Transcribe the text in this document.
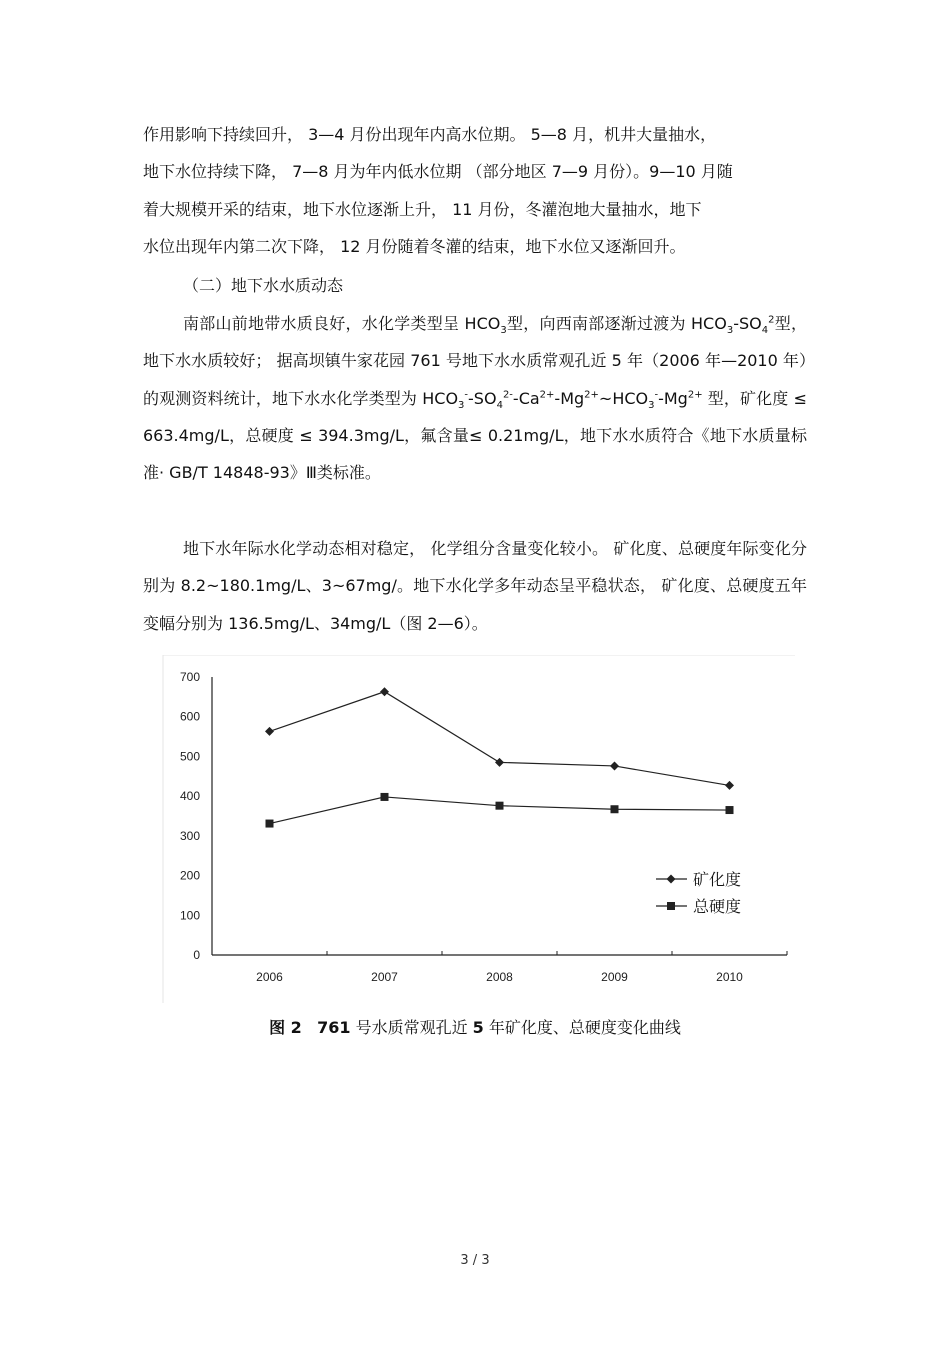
作用影响下持续回升， 3—4 月份出现年内高水位期。 5—8 月，机井大量抽水，
地下水位持续下降， 7—8 月为年内低水位期 （部分地区 7—9 月份）。9—10 月随
着大规模开采的结束，地下水位逐渐上升， 11 月份，冬灌泡地大量抽水，地下
水位出现年内第二次下降， 12 月份随着冬灌的结束，地下水位又逐渐回升。

（二）地下水水质动态

南部山前地带水质良好，水化学类型呈 $HCO_3$型，向西南部逐渐过渡为 $HCO_3-SO_4^2$型，地下水水质较好； 据高坝镇牛家花园 761 号地下水水质常观孔近 5 年（2006 年—2010 年）的观测资料统计，地下水水化学类型为 $HCO_3^--SO_4^{2-}-Ca^{2+}-Mg^{2+}\sim HCO_3^--Mg^{2+}$ 型，矿化度 ≤ 663.4mg/L，总硬度 ≤ 394.3mg/L，氟含量≤ 0.21mg/L，地下水水质符合《地下水质量标准· GB/T 14848-93》Ⅲ类标准。

地下水年际水化学动态相对稳定， 化学组分含量变化较小。 矿化度、总硬度年际变化分别为 8.2~180.1mg/L、3~67mg/。地下水化学多年动态呈平稳状态， 矿化度、总硬度五年变幅分别为 136.5mg/L、34mg/L（图 2—6）。

0
100
200
300
400
500
600
700
2006	2007	2008	2009	2010
矿化度
总硬度
图 2 761 号水质常观孔近 5 年矿化度、总硬度变化曲线
3 / 3
